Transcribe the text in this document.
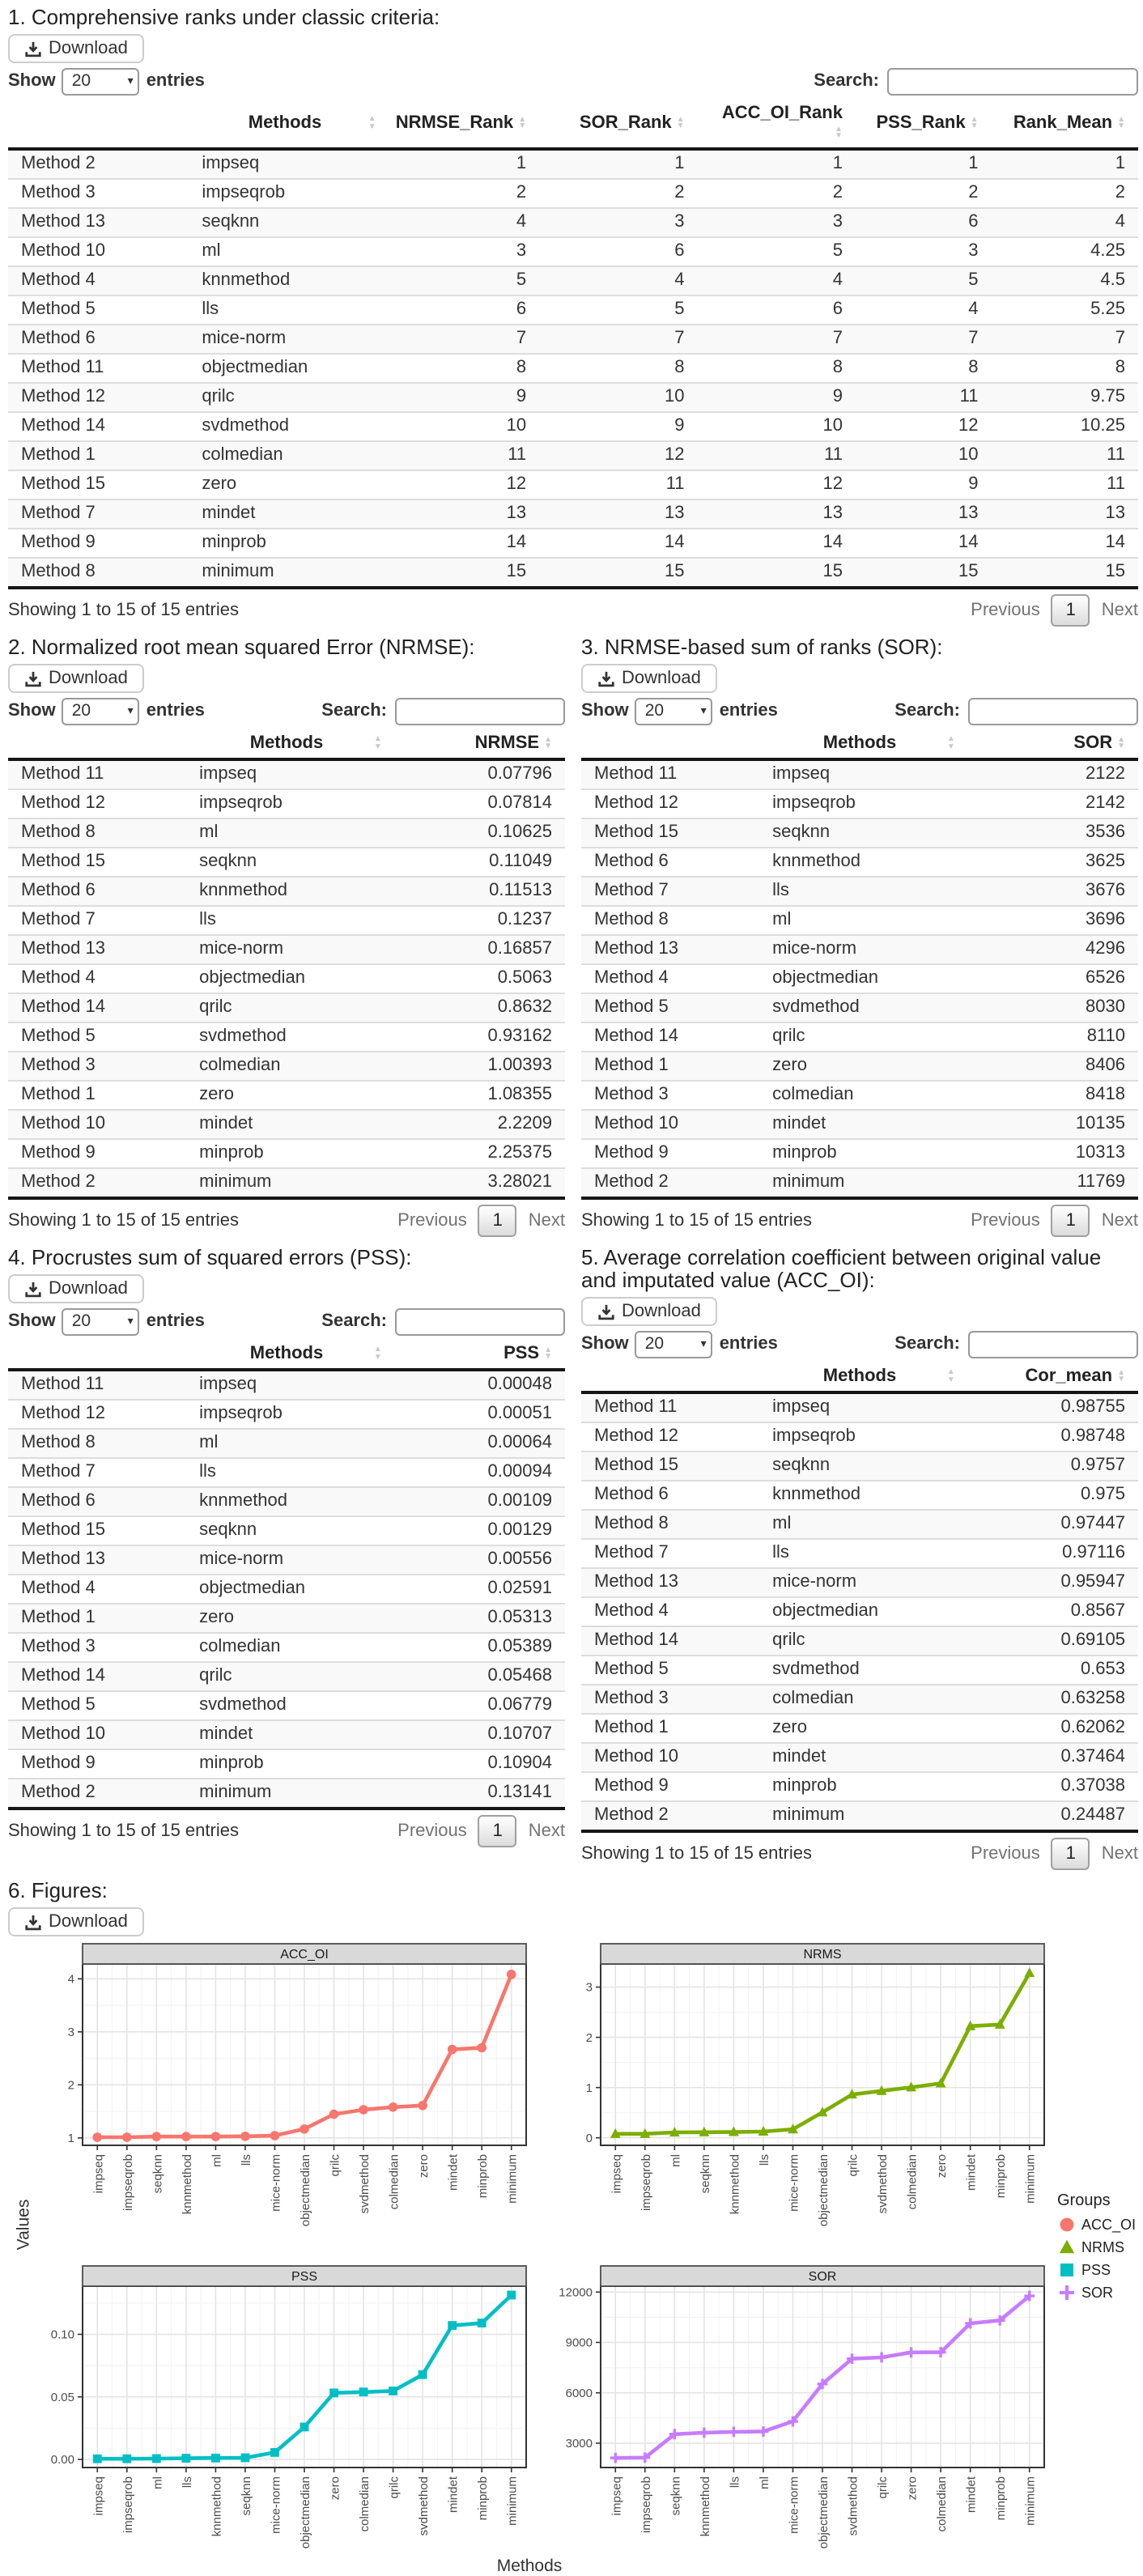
1. Comprehensive ranks under classic criteria:
Download
Show 20	▾ entries	Search:
	Methods ▲
▼	NRMSE_Rank ▲
▼	SOR_Rank ▲
▼	ACC_OI_Rank
▲
▼	PSS_Rank ▲
▼	Rank_Mean ▲
▼

Method 2	impseq	1	1	1	1	1
Method 3	impseqrob	2	2	2	2	2
Method 13	seqknn	4	3	3	6	4
Method 10	ml	3	6	5	3	4.25
Method 4	knnmethod	5	4	4	5	4.5
Method 5	lls	6	5	6	4	5.25
Method 6	mice-norm	7	7	7	7	7
Method 11	objectmedian	8	8	8	8	8
Method 12	qrilc	9	10	9	11	9.75
Method 14	svdmethod	10	9	10	12	10.25
Method 1	colmedian	11	12	11	10	11
Method 15	zero	12	11	12	9	11
Method 7	mindet	13	13	13	13	13
Method 9	minprob	14	14	14	14	14
Method 8	minimum	15	15	15	15	15
Showing 1 to 15 of 15 entries	Previous	1	Next
2. Normalized root mean squared Error (NRMSE):
Download
Show 20	▾ entries	Search:
	Methods ▲
▼	NRMSE ▲
▼

Method 11	impseq	0.07796
Method 12	impseqrob	0.07814
Method 8	ml	0.10625
Method 15	seqknn	0.11049
Method 6	knnmethod	0.11513
Method 7	lls	0.1237
Method 13	mice-norm	0.16857
Method 4	objectmedian	0.5063
Method 14	qrilc	0.8632
Method 5	svdmethod	0.93162
Method 3	colmedian	1.00393
Method 1	zero	1.08355
Method 10	mindet	2.2209
Method 9	minprob	2.25375
Method 2	minimum	3.28021
Showing 1 to 15 of 15 entries	Previous	1	Next
3. NRMSE-based sum of ranks (SOR):
Download
Show 20	▾ entries	Search:
	Methods ▲
▼	SOR ▲
▼

Method 11	impseq	2122
Method 12	impseqrob	2142
Method 15	seqknn	3536
Method 6	knnmethod	3625
Method 7	lls	3676
Method 8	ml	3696
Method 13	mice-norm	4296
Method 4	objectmedian	6526
Method 5	svdmethod	8030
Method 14	qrilc	8110
Method 1	zero	8406
Method 3	colmedian	8418
Method 10	mindet	10135
Method 9	minprob	10313
Method 2	minimum	11769
Showing 1 to 15 of 15 entries	Previous	1	Next
4. Procrustes sum of squared errors (PSS):
Download
Show 20	▾ entries	Search:
	Methods ▲
▼	PSS ▲
▼

Method 11	impseq	0.00048
Method 12	impseqrob	0.00051
Method 8	ml	0.00064
Method 7	lls	0.00094
Method 6	knnmethod	0.00109
Method 15	seqknn	0.00129
Method 13	mice-norm	0.00556
Method 4	objectmedian	0.02591
Method 1	zero	0.05313
Method 3	colmedian	0.05389
Method 14	qrilc	0.05468
Method 5	svdmethod	0.06779
Method 10	mindet	0.10707
Method 9	minprob	0.10904
Method 2	minimum	0.13141
Showing 1 to 15 of 15 entries	Previous	1	Next
5. Average correlation coefficient between original value and imputated value (ACC_OI):
Download
Show 20	▾ entries	Search:
	Methods ▲
▼	Cor_mean ▲
▼

Method 11	impseq	0.98755
Method 12	impseqrob	0.98748
Method 15	seqknn	0.9757
Method 6	knnmethod	0.975
Method 8	ml	0.97447
Method 7	lls	0.97116
Method 13	mice-norm	0.95947
Method 4	objectmedian	0.8567
Method 14	qrilc	0.69105
Method 5	svdmethod	0.653
Method 3	colmedian	0.63258
Method 1	zero	0.62062
Method 10	mindet	0.37464
Method 9	minprob	0.37038
Method 2	minimum	0.24487
Showing 1 to 15 of 15 entries	Previous	1	Next
6. Figures:
Download
Values
ACC_OI
1
2
3
4
impseq	impseqrob	seqknn	knnmethod	ml	lls	mice-norm	objectmedian	qrilc	svdmethod	colmedian	zero	mindet	minprob	minimum
NRMS
0
1
2
3
impseq	impseqrob	ml	seqknn	knnmethod	lls	mice-norm	objectmedian	qrilc	svdmethod	colmedian	zero	mindet	minprob	minimum Groups
ACC_OI
NRMS
PSS
SOR
PSS
0.00
0.05
0.10
impseq	impseqrob	ml	lls	knnmethod	seqknn	mice-norm	objectmedian	zero	colmedian	qrilc	svdmethod	mindet	minprob	minimum
SOR
3000
6000
9000
12000
impseq	impseqrob	seqknn	knnmethod	lls	ml	mice-norm	objectmedian	svdmethod	qrilc	zero	colmedian	mindet	minprob	minimum
Methods
